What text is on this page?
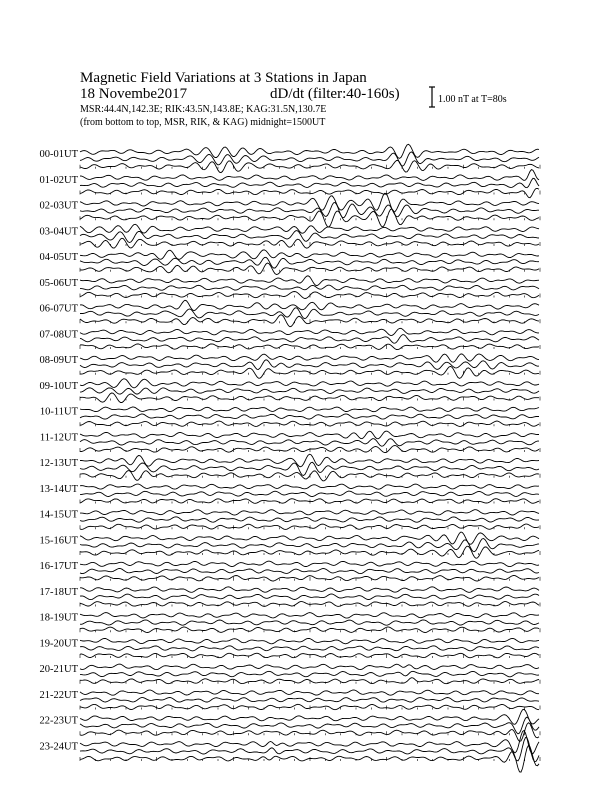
00-01UT
01-02UT
02-03UT
03-04UT
04-05UT
05-06UT
06-07UT
07-08UT
08-09UT
09-10UT
10-11UT
11-12UT
12-13UT
13-14UT
14-15UT
15-16UT
16-17UT
17-18UT
18-19UT
19-20UT
20-21UT
21-22UT
22-23UT
23-24UT
Magnetic Field Variations at 3 Stations in Japan
18 Novembe2017	dD/dt (filter:40-160s)
MSR:44.4N,142.3E; RIK:43.5N,143.8E; KAG:31.5N,130.7E
(from bottom to top, MSR, RIK, & KAG) midnight=1500UT
1.00 nT at T=80s
